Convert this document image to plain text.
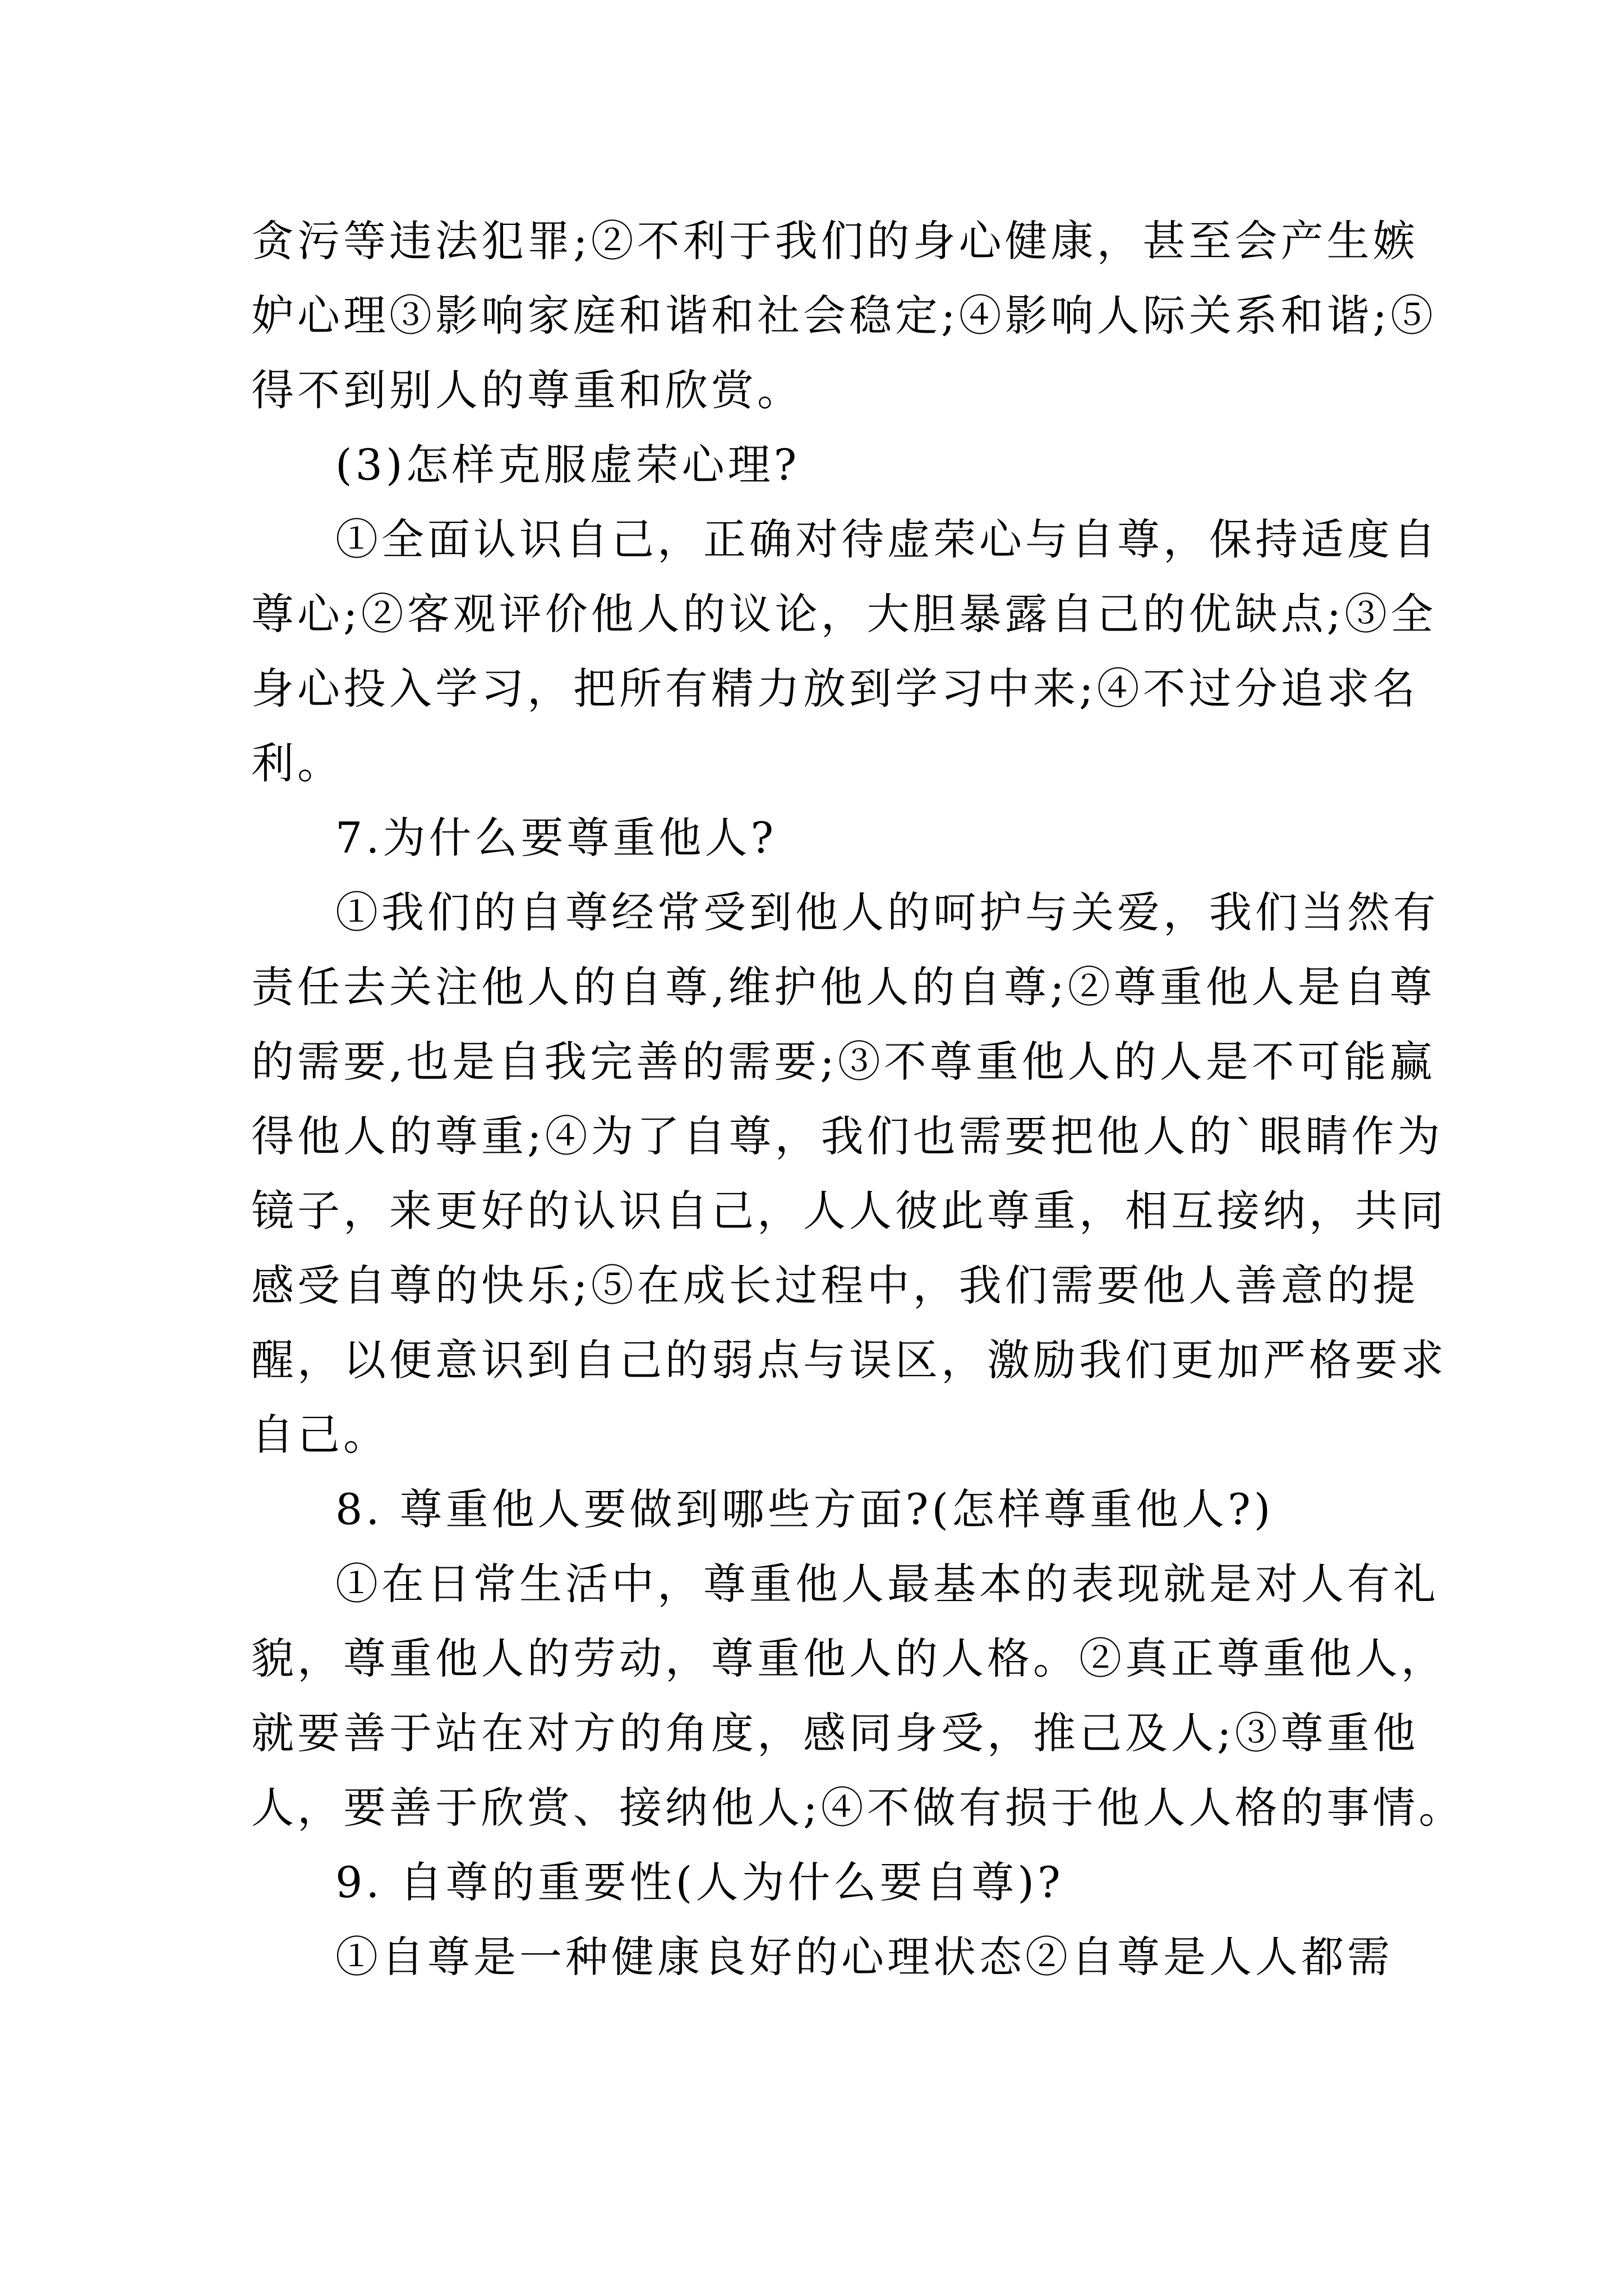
贪污等违法犯罪;②不利于我们的身心健康，甚至会产生嫉
妒心理③影响家庭和谐和社会稳定;④影响人际关系和谐;⑤
得不到别人的尊重和欣赏。
(3)怎样克服虚荣心理?
①全面认识自己，正确对待虚荣心与自尊，保持适度自
尊心;②客观评价他人的议论，大胆暴露自己的优缺点;③全
身心投入学习，把所有精力放到学习中来;④不过分追求名
利。
7.为什么要尊重他人?
①我们的自尊经常受到他人的呵护与关爱，我们当然有
责任去关注他人的自尊,维护他人的自尊;②尊重他人是自尊
的需要,也是自我完善的需要;③不尊重他人的人是不可能赢
得他人的尊重;④为了自尊，我们也需要把他人的`眼睛作为
镜子，来更好的认识自己，人人彼此尊重，相互接纳，共同
感受自尊的快乐;⑤在成长过程中，我们需要他人善意的提
醒，以便意识到自己的弱点与误区，激励我们更加严格要求
自己。
8. 尊重他人要做到哪些方面?(怎样尊重他人?)
①在日常生活中，尊重他人最基本的表现就是对人有礼
貌，尊重他人的劳动，尊重他人的人格。②真正尊重他人，
就要善于站在对方的角度，感同身受，推己及人;③尊重他
人，要善于欣赏、接纳他人;④不做有损于他人人格的事情。
9. 自尊的重要性(人为什么要自尊)?
①自尊是一种健康良好的心理状态②自尊是人人都需
